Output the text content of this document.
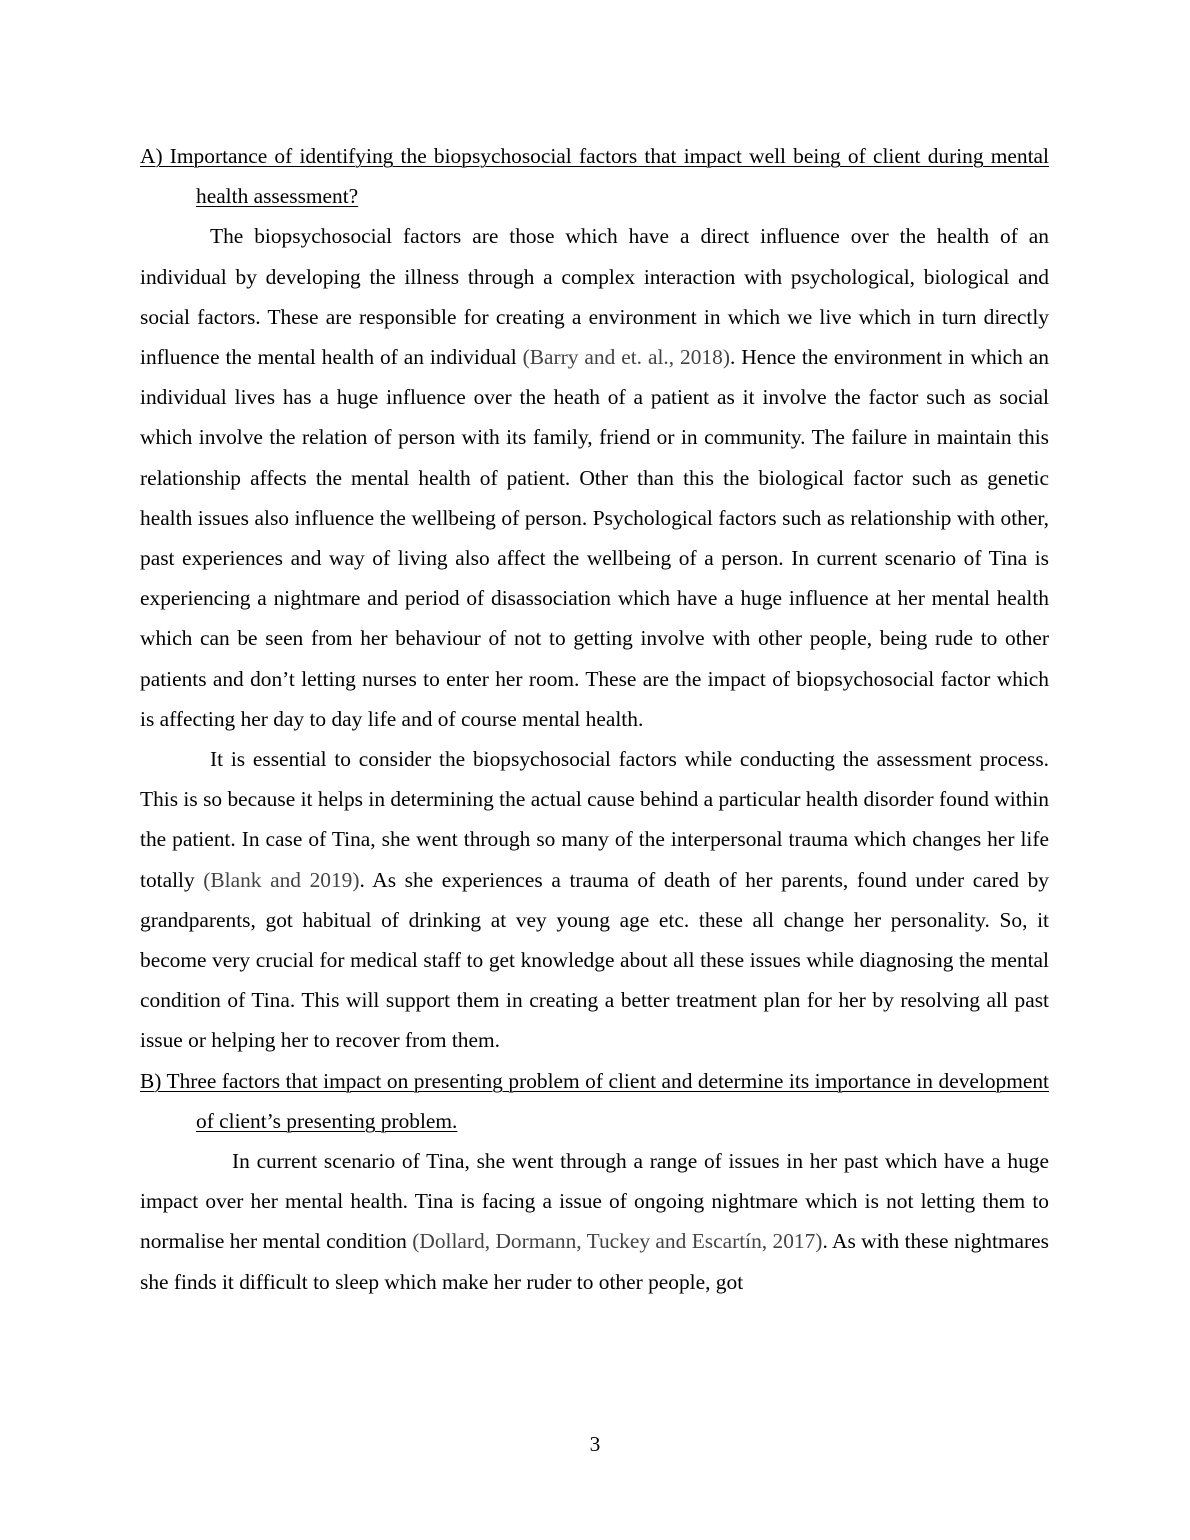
A) Importance of identifying the biopsychosocial factors that impact well being of client during mental health assessment?

The biopsychosocial factors are those which have a direct influence over the health of an individual by developing the illness through a complex interaction with psychological, biological and social factors. These are responsible for creating a environment in which we live which in turn directly influence the mental health of an individual (Barry and et. al., 2018). Hence the environment in which an individual lives has a huge influence over the heath of a patient as it involve the factor such as social which involve the relation of person with its family, friend or in community. The failure in maintain this relationship affects the mental health of patient. Other than this the biological factor such as genetic health issues also influence the wellbeing of person. Psychological factors such as relationship with other, past experiences and way of living also affect the wellbeing of a person. In current scenario of Tina is experiencing a nightmare and period of disassociation which have a huge influence at her mental health which can be seen from her behaviour of not to getting involve with other people, being rude to other patients and don’t letting nurses to enter her room. These are the impact of biopsychosocial factor which is affecting her day to day life and of course mental health.

It is essential to consider the biopsychosocial factors while conducting the assessment process. This is so because it helps in determining the actual cause behind a particular health disorder found within the patient. In case of Tina, she went through so many of the interpersonal trauma which changes her life totally (Blank and 2019). As she experiences a trauma of death of her parents, found under cared by grandparents, got habitual of drinking at vey young age etc. these all change her personality. So, it become very crucial for medical staff to get knowledge about all these issues while diagnosing the mental condition of Tina. This will support them in creating a better treatment plan for her by resolving all past issue or helping her to recover from them.

B) Three factors that impact on presenting problem of client and determine its importance in development of client’s presenting problem.

In current scenario of Tina, she went through a range of issues in her past which have a huge impact over her mental health. Tina is facing a issue of ongoing nightmare which is not letting them to normalise her mental condition (Dollard, Dormann, Tuckey and Escartín, 2017). As with these nightmares she finds it difficult to sleep which make her ruder to other people, got

3
